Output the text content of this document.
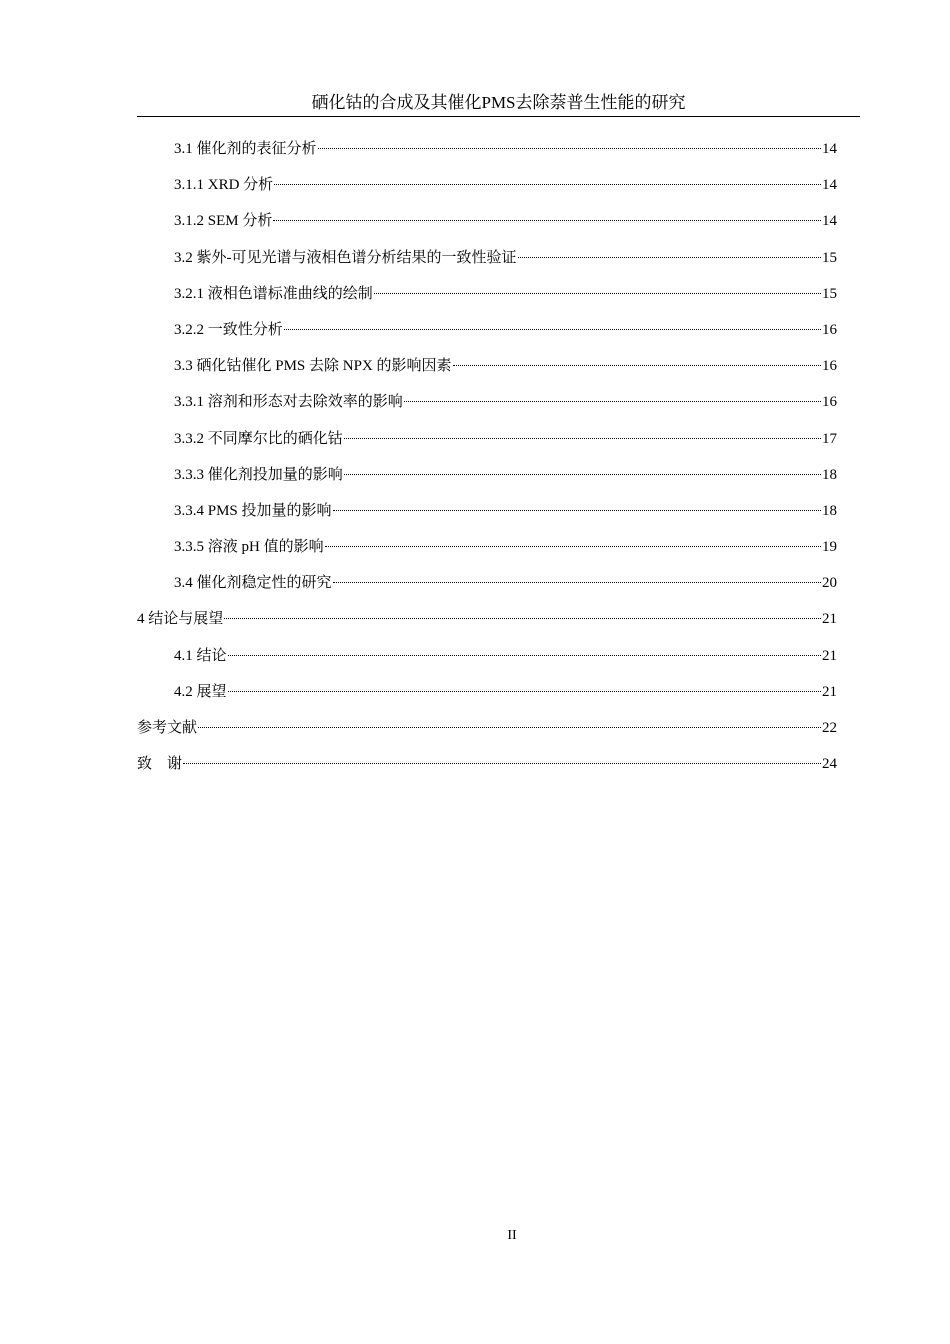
硒化钴的合成及其催化PMS去除萘普生性能的研究
3.1 催化剂的表征分析	14
3.1.1 XRD 分析	14
3.1.2 SEM 分析	14
3.2 紫外-可见光谱与液相色谱分析结果的一致性验证	15
3.2.1 液相色谱标准曲线的绘制	15
3.2.2 一致性分析	16
3.3 硒化钴催化 PMS 去除 NPX 的影响因素	16
3.3.1 溶剂和形态对去除效率的影响	16
3.3.2 不同摩尔比的硒化钴	17
3.3.3 催化剂投加量的影响	18
3.3.4 PMS 投加量的影响	18
3.3.5 溶液 pH 值的影响	19
3.4 催化剂稳定性的研究	20
4 结论与展望	21
4.1 结论	21
4.2 展望	21
参考文献	22
致　谢	24
II
